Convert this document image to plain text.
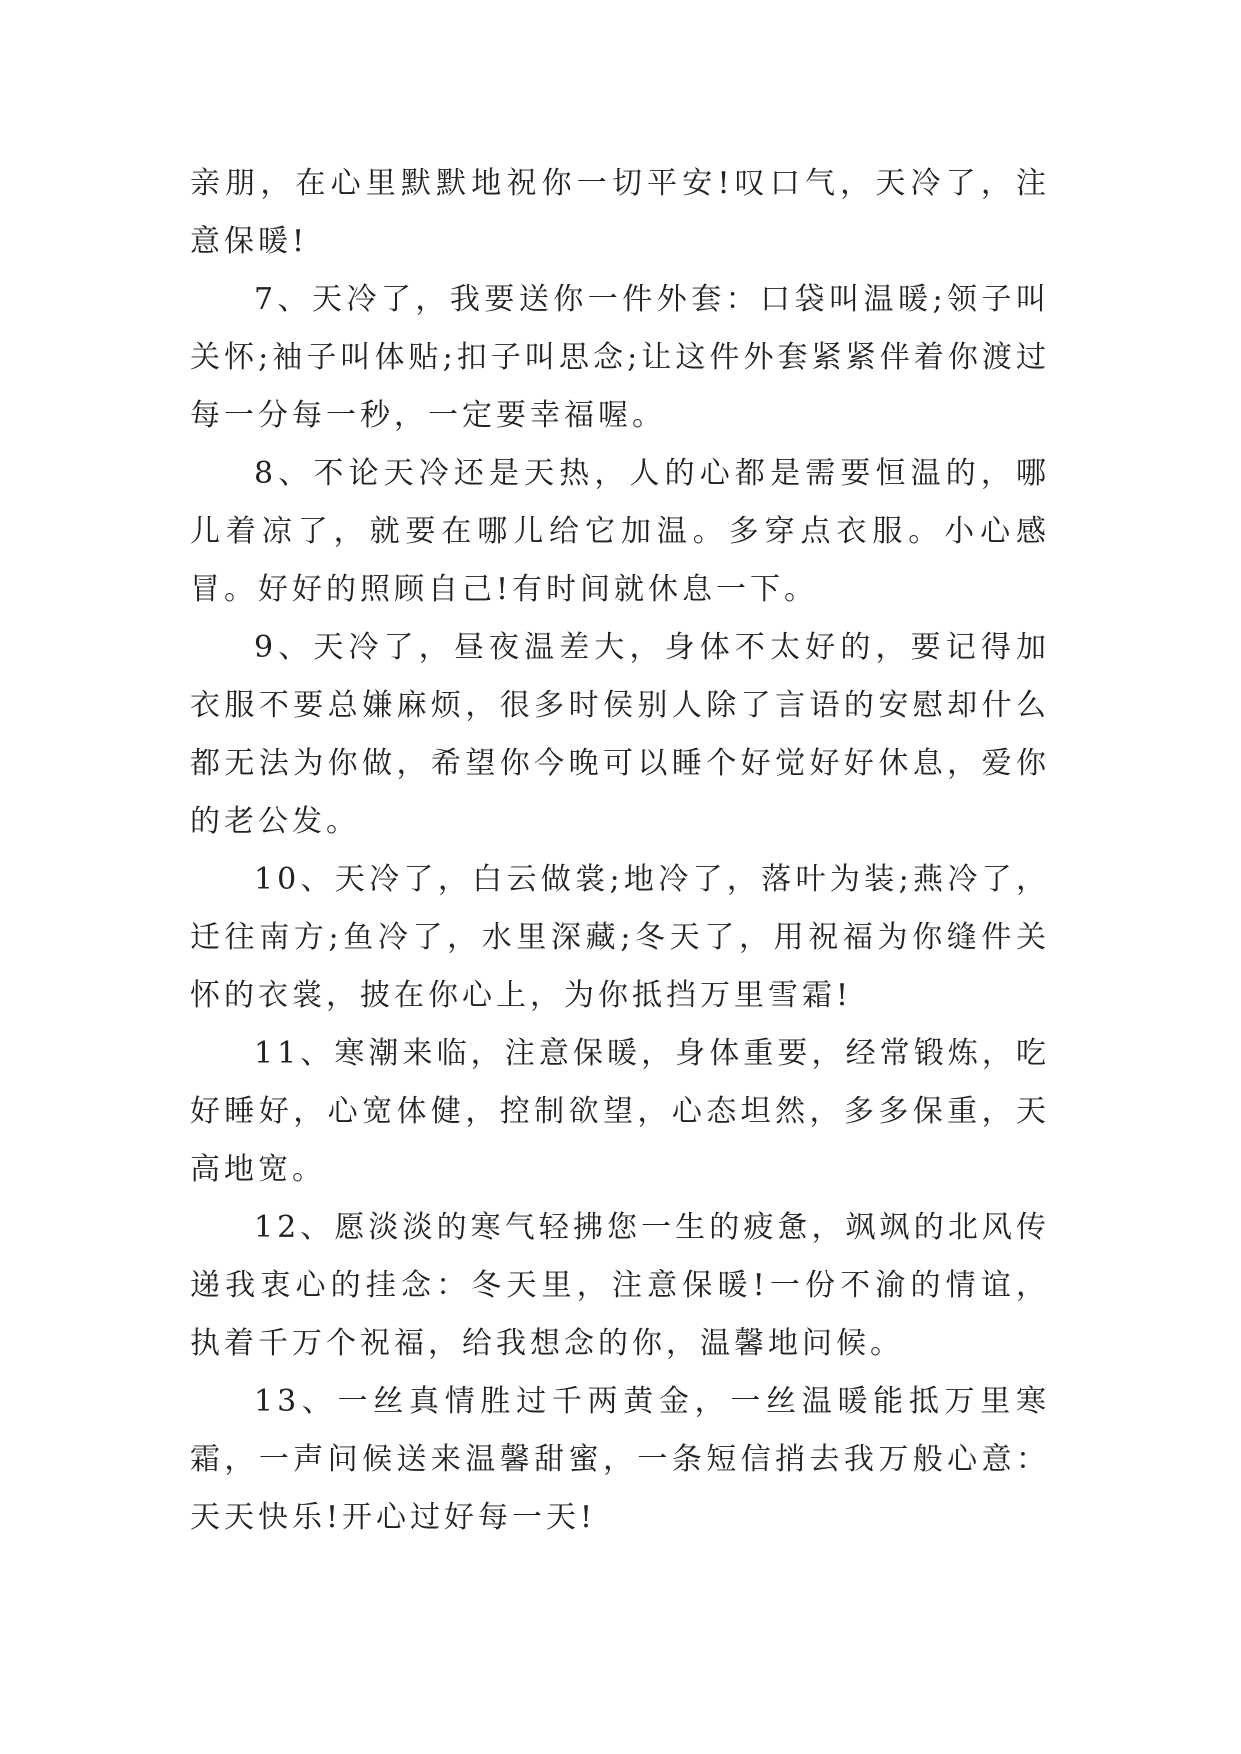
亲朋，在心里默默地祝你一切平安!叹口气，天冷了，注意保暖!

7、天冷了，我要送你一件外套：口袋叫温暖;领子叫关怀;袖子叫体贴;扣子叫思念;让这件外套紧紧伴着你渡过每一分每一秒，一定要幸福喔。

8、不论天冷还是天热，人的心都是需要恒温的，哪儿着凉了，就要在哪儿给它加温。多穿点衣服。小心感冒。好好的照顾自己!有时间就休息一下。

9、天冷了，昼夜温差大，身体不太好的，要记得加衣服不要总嫌麻烦，很多时侯别人除了言语的安慰却什么都无法为你做，希望你今晚可以睡个好觉好好休息，爱你的老公发。

10、天冷了，白云做裳;地冷了，落叶为装;燕冷了，迁往南方;鱼冷了，水里深藏;冬天了，用祝福为你缝件关怀的衣裳，披在你心上，为你抵挡万里雪霜!

11、寒潮来临，注意保暖，身体重要，经常锻炼，吃好睡好，心宽体健，控制欲望，心态坦然，多多保重，天高地宽。

12、愿淡淡的寒气轻拂您一生的疲惫，飒飒的北风传递我衷心的挂念：冬天里，注意保暖!一份不渝的情谊，执着千万个祝福，给我想念的你，温馨地问候。

13、一丝真情胜过千两黄金，一丝温暖能抵万里寒霜，一声问候送来温馨甜蜜，一条短信捎去我万般心意：天天快乐!开心过好每一天!
